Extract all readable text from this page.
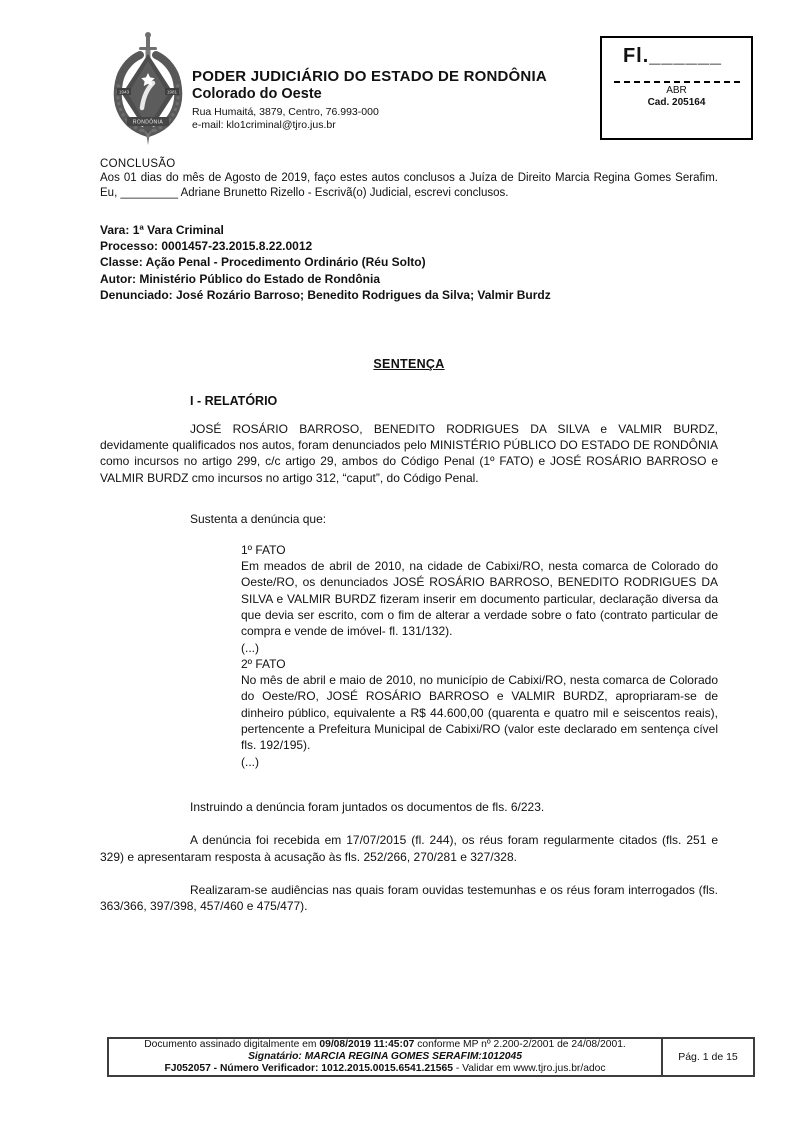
1943	1981
RONDÔNIA
PODER JUDICIÁRIO DO ESTADO DE RONDÔNIA
Colorado do Oeste
Rua Humaitá, 3879, Centro, 76.993-000
e-mail: klo1criminal@tjro.jus.br
Fl.______
ABR
Cad. 205164
CONCLUSÃO
Aos 01 dias do mês de Agosto de 2019, faço estes autos conclusos a Juíza de Direito Marcia Regina Gomes Serafim. Eu, _________ Adriane Brunetto Rizello - Escrivã(o) Judicial, escrevi conclusos.
Vara: 1ª Vara Criminal
Processo: 0001457-23.2015.8.22.0012
Classe: Ação Penal - Procedimento Ordinário (Réu Solto)
Autor: Ministério Público do Estado de Rondônia
Denunciado: José Rozário Barroso; Benedito Rodrigues da Silva; Valmir Burdz
SENTENÇA
I - RELATÓRIO
JOSÉ ROSÁRIO BARROSO, BENEDITO RODRIGUES DA SILVA e VALMIR BURDZ, devidamente qualificados nos autos, foram denunciados pelo MINISTÉRIO PÚBLICO DO ESTADO DE RONDÔNIA como incursos no artigo 299, c/c artigo 29, ambos do Código Penal (1º FATO) e JOSÉ ROSÁRIO BARROSO e VALMIR BURDZ cmo incursos no artigo 312, “caput”, do Código Penal.
Sustenta a denúncia que:
1º FATO
Em meados de abril de 2010, na cidade de Cabixi/RO, nesta comarca de Colorado do Oeste/RO, os denunciados JOSÉ ROSÁRIO BARROSO, BENEDITO RODRIGUES DA SILVA e VALMIR BURDZ fizeram inserir em documento particular, declaração diversa da que devia ser escrito, com o fim de alterar a verdade sobre o fato (contrato particular de compra e vende de imóvel- fl. 131/132).
(...)
2º FATO
No mês de abril e maio de 2010, no município de Cabixi/RO, nesta comarca de Colorado do Oeste/RO, JOSÉ ROSÁRIO BARROSO e VALMIR BURDZ, apropriaram-se de dinheiro público, equivalente a R$ 44.600,00 (quarenta e quatro mil e seiscentos reais), pertencente a Prefeitura Municipal de Cabixi/RO (valor este declarado em sentença cível fls. 192/195).
(...)
Instruindo a denúncia foram juntados os documentos de fls. 6/223.
A denúncia foi recebida em 17/07/2015 (fl. 244), os réus foram regularmente citados (fls. 251 e 329) e apresentaram resposta à acusação às fls. 252/266, 270/281 e 327/328.
Realizaram-se audiências nas quais foram ouvidas testemunhas e os réus foram interrogados (fls. 363/366, 397/398, 457/460 e 475/477).
Documento assinado digitalmente em 09/08/2019 11:45:07 conforme MP nº 2.200-2/2001 de 24/08/2001.
Signatário: MARCIA REGINA GOMES SERAFIM:1012045
FJ052057 - Número Verificador: 1012.2015.0015.6541.21565 - Validar em www.tjro.jus.br/adoc
Pág. 1 de 15
